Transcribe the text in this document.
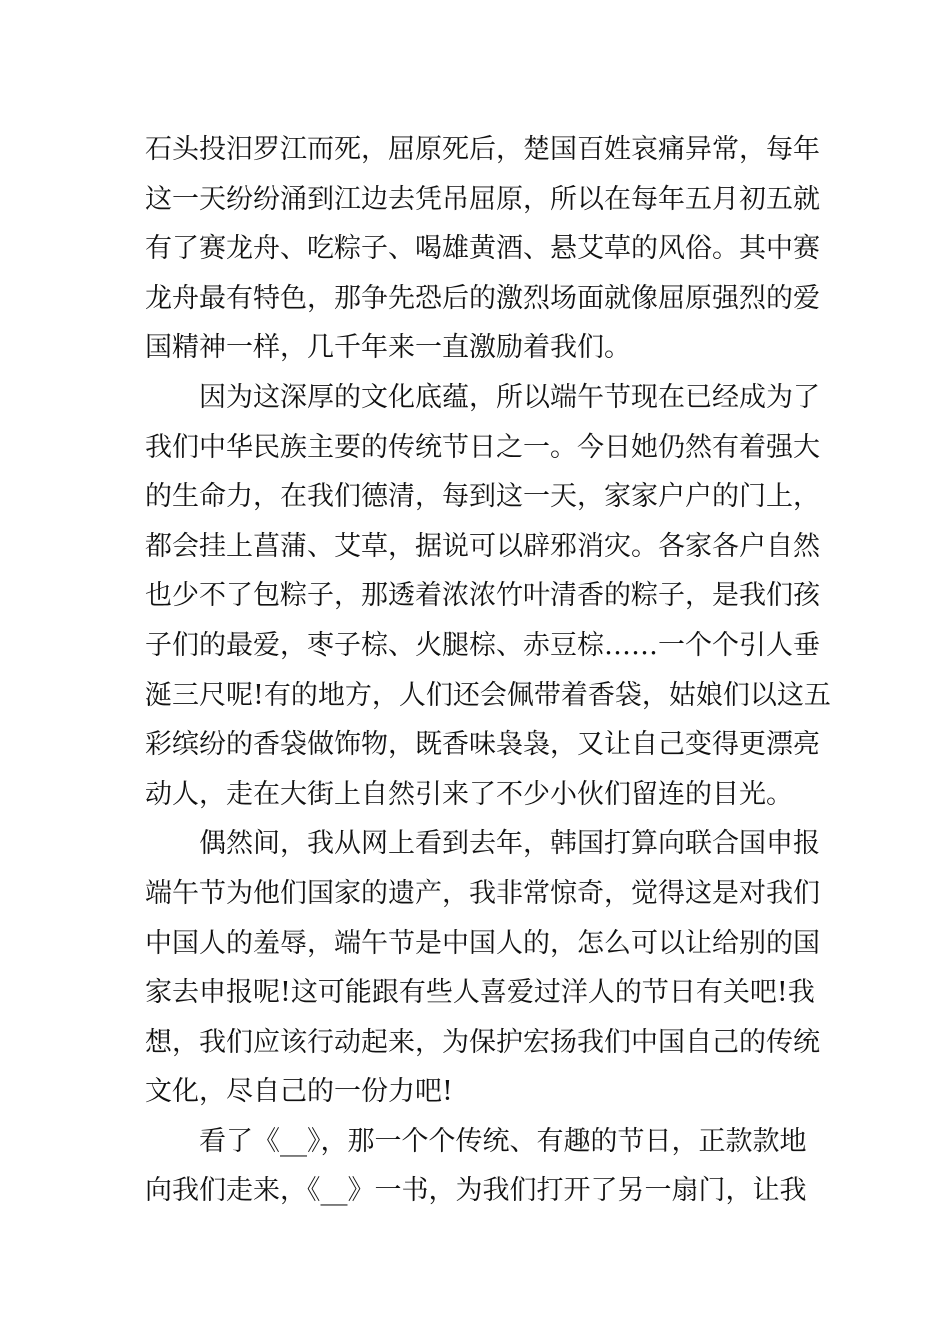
石头投汨罗江而死，屈原死后，楚国百姓哀痛异常，每年
这一天纷纷涌到江边去凭吊屈原，所以在每年五月初五就
有了赛龙舟、吃粽子、喝雄黄酒、悬艾草的风俗。其中赛
龙舟最有特色，那争先恐后的激烈场面就像屈原强烈的爱
国精神一样，几千年来一直激励着我们。
因为这深厚的文化底蕴，所以端午节现在已经成为了
我们中华民族主要的传统节日之一。今日她仍然有着强大
的生命力，在我们德清，每到这一天，家家户户的门上，
都会挂上菖蒲、艾草，据说可以辟邪消灾。各家各户自然
也少不了包粽子，那透着浓浓竹叶清香的粽子，是我们孩
子们的最爱，枣子棕、火腿棕、赤豆棕……一个个引人垂
涎三尺呢!有的地方，人们还会佩带着香袋，姑娘们以这五
彩缤纷的香袋做饰物，既香味袅袅，又让自己变得更漂亮
动人，走在大街上自然引来了不少小伙们留连的目光。
偶然间，我从网上看到去年，韩国打算向联合国申报
端午节为他们国家的遗产，我非常惊奇，觉得这是对我们
中国人的羞辱，端午节是中国人的，怎么可以让给别的国
家去申报呢!这可能跟有些人喜爱过洋人的节日有关吧!我
想，我们应该行动起来，为保护宏扬我们中国自己的传统
文化，尽自己的一份力吧!
看了《__》，那一个个传统、有趣的节日，正款款地
向我们走来，《__》一书，为我们打开了另一扇门，让我
